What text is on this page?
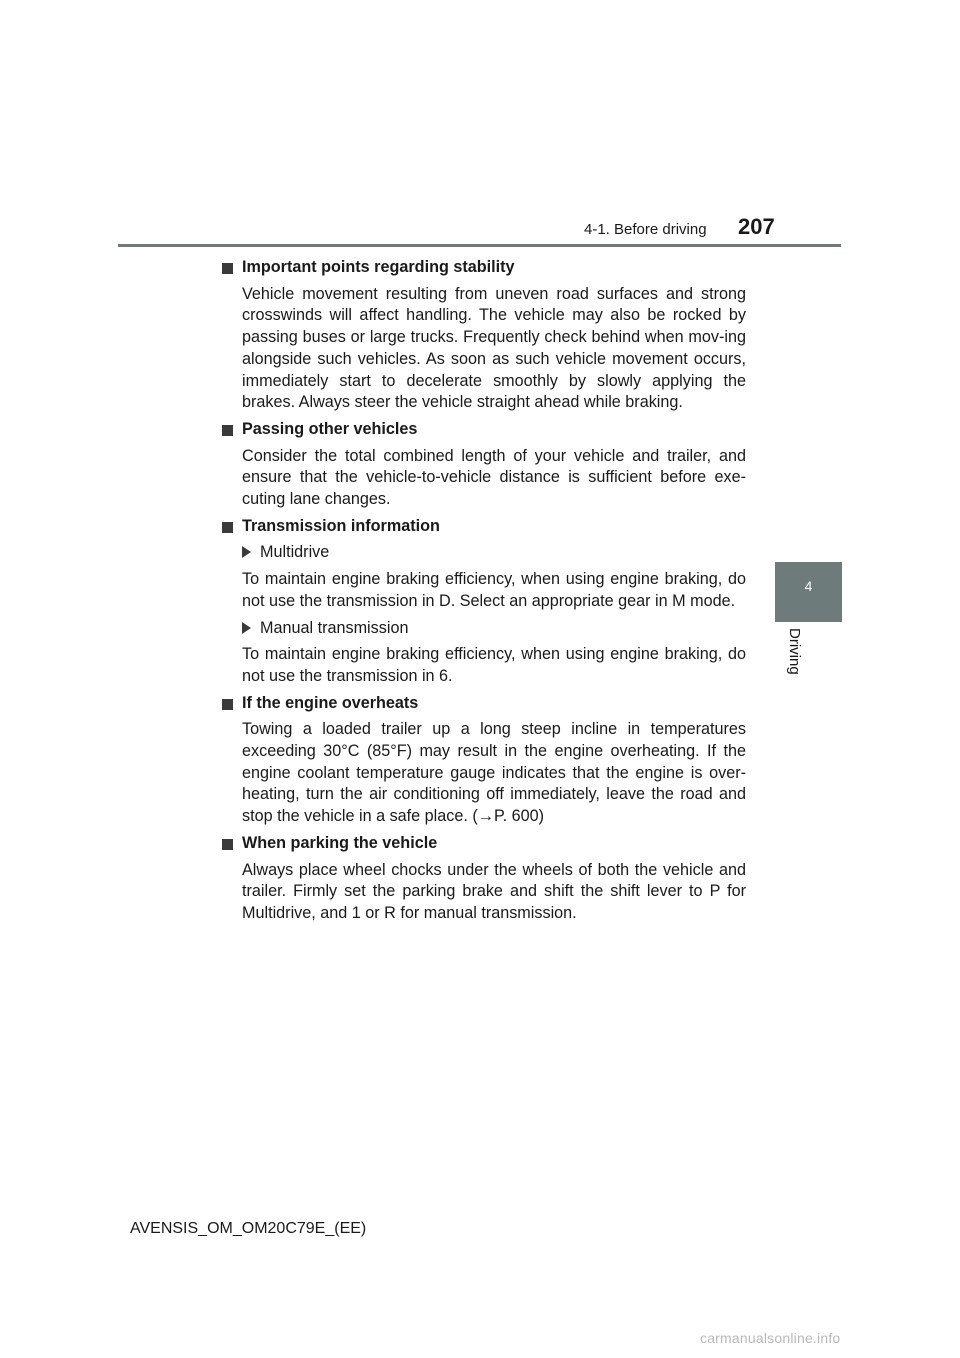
4-1. Before driving 207
4
Driving
Important points regarding stability

Vehicle movement resulting from uneven road surfaces and strong crosswinds will affect handling. The vehicle may also be rocked by passing buses or large trucks. Frequently check behind when mov-ing alongside such vehicles. As soon as such vehicle movement occurs, immediately start to decelerate smoothly by slowly applying the brakes. Always steer the vehicle straight ahead while braking.

Passing other vehicles

Consider the total combined length of your vehicle and trailer, and ensure that the vehicle-to-vehicle distance is sufficient before exe-cuting lane changes.

Transmission information
Multidrive

To maintain engine braking efficiency, when using engine braking, do not use the transmission in D. Select an appropriate gear in M mode.

Manual transmission

To maintain engine braking efficiency, when using engine braking, do not use the transmission in 6.

If the engine overheats

Towing a loaded trailer up a long steep incline in temperatures exceeding 30°C (85°F) may result in the engine overheating. If the engine coolant temperature gauge indicates that the engine is over-heating, turn the air conditioning off immediately, leave the road and stop the vehicle in a safe place. (→P. 600)

When parking the vehicle

Always place wheel chocks under the wheels of both the vehicle and trailer. Firmly set the parking brake and shift the shift lever to P for Multidrive, and 1 or R for manual transmission.

AVENSIS_OM_OM20C79E_(EE)
carmanualsonline.info
